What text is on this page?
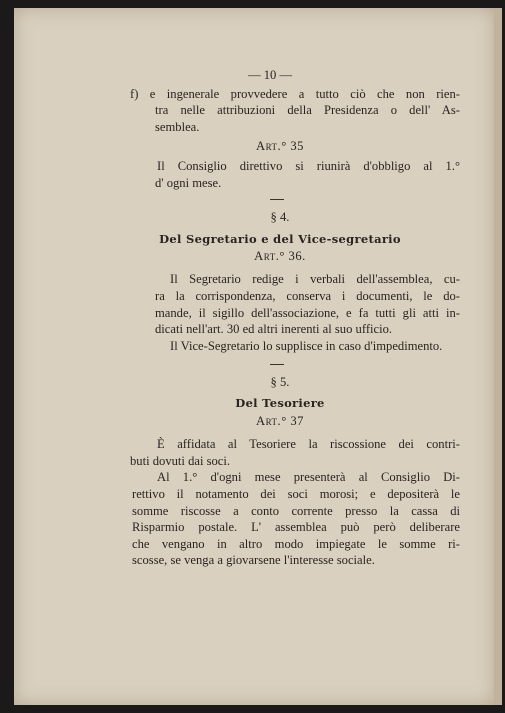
— 10 —
f) e ingenerale provvedere a tutto ciò che non rien-
tra nelle attribuzioni della Presidenza o dell' As-
semblea.
Art.° 35
Il Consiglio direttivo si riunirà d'obbligo al 1.°
d' ogni mese.
§ 4.
Del Segretario e del Vice-segretario
Art.° 36.
Il Segretario redige i verbali dell'assemblea, cu-
ra la corrispondenza, conserva i documenti, le do-
mande, il sigillo dell'associazione, e fa tutti gli atti in-
dicati nell'art. 30 ed altri inerenti al suo ufficio.
Il Vice-Segretario lo supplisce in caso d'impedimento.
§ 5.
Del Tesoriere
Art.° 37
È affidata al Tesoriere la riscossione dei contri-
buti dovuti dai soci.
Al 1.° d'ogni mese presenterà al Consiglio Di-
rettivo il notamento dei soci morosi; e depositerà le
somme riscosse a conto corrente presso la cassa di
Risparmio postale. L' assemblea può però deliberare
che vengano in altro modo impiegate le somme ri-
scosse, se venga a giovarsene l'interesse sociale.
